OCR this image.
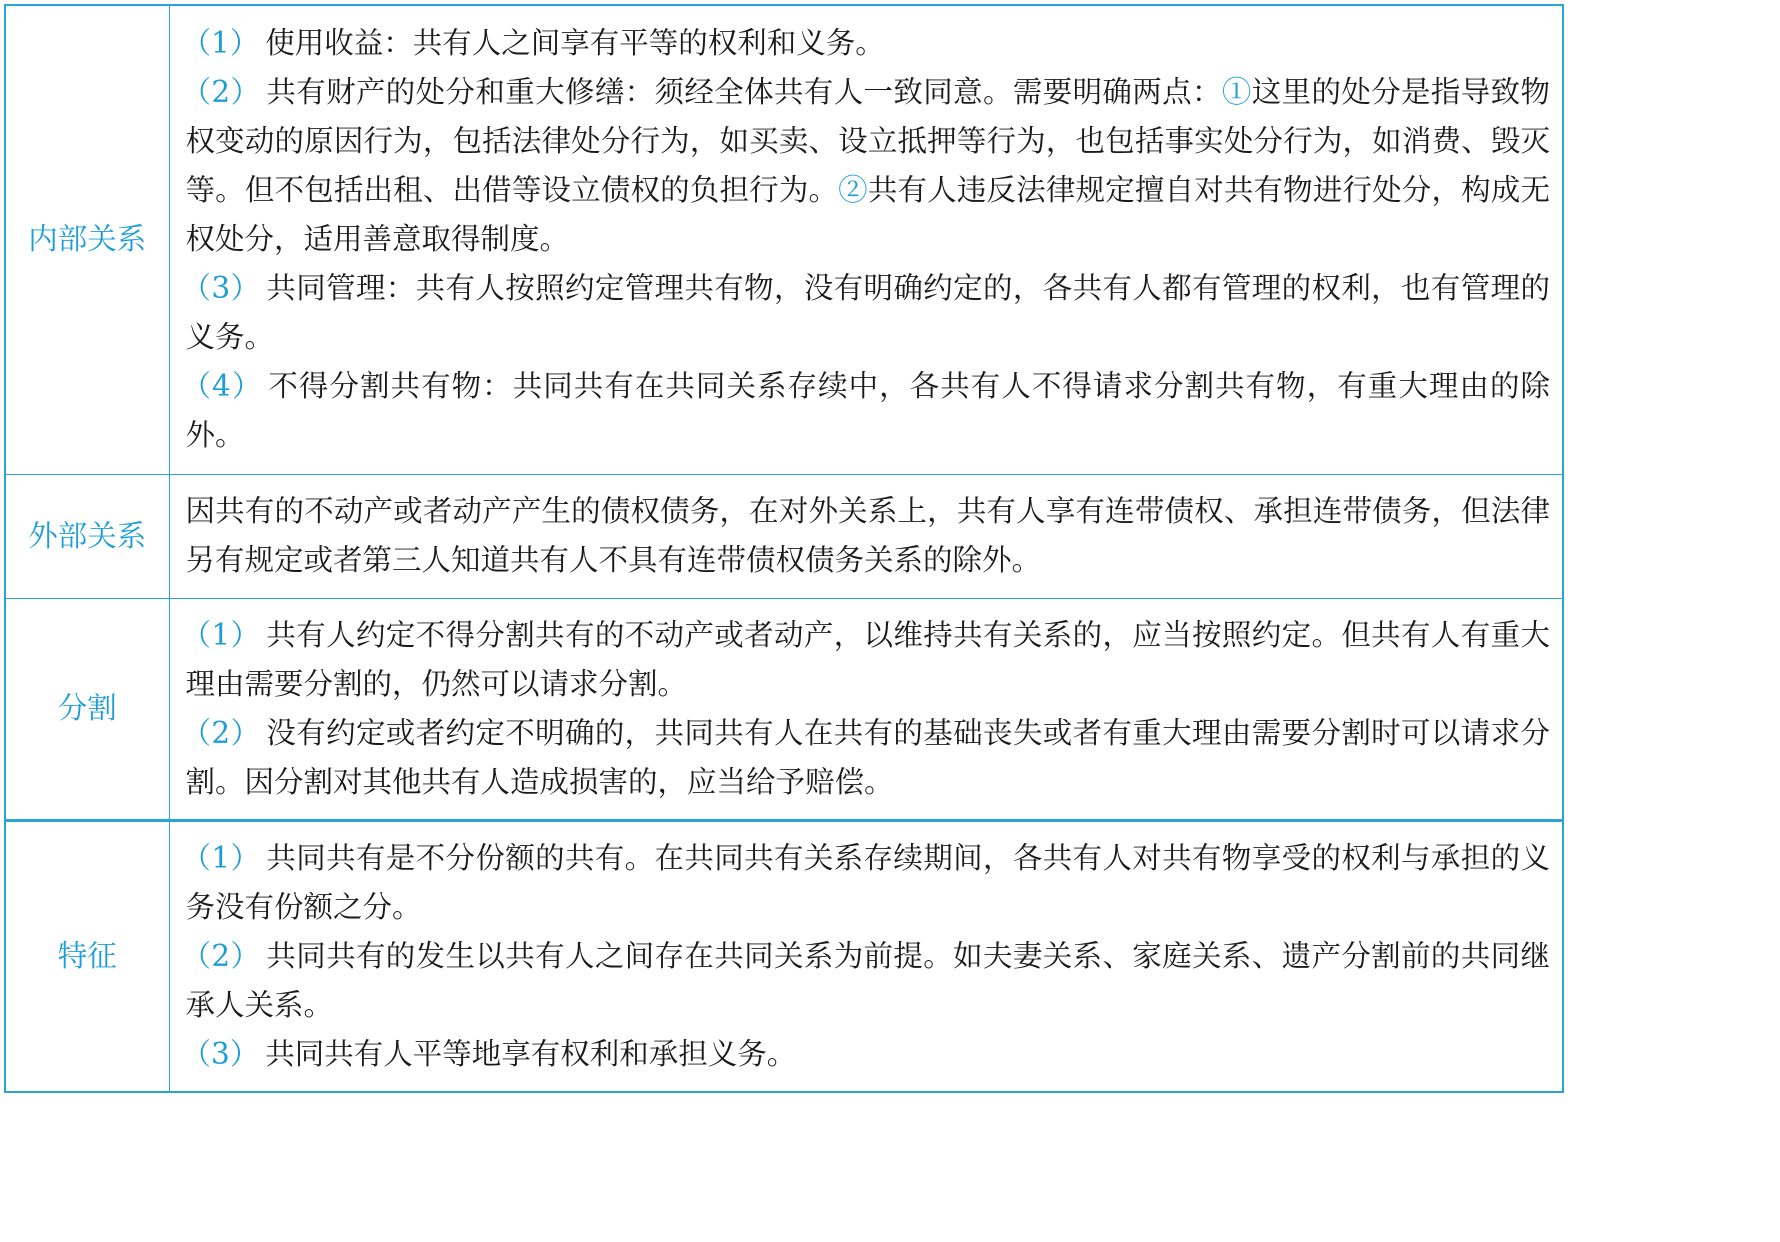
内部关系	（1） 使用收益：共有人之间享有平等的权利和义务。

（2） 共有财产的处分和重大修缮：须经全体共有人一致同意。需要明确两点：①这里的处分是指导致物权变动的原因行为，包括法律处分行为，如买卖、设立抵押等行为，也包括事实处分行为，如消费、毁灭等。但不包括出租、出借等设立债权的负担行为。②共有人违反法律规定擅自对共有物进行处分，构成无权处分，适用善意取得制度。

（3） 共同管理：共有人按照约定管理共有物，没有明确约定的，各共有人都有管理的权利，也有管理的义务。

（4） 不得分割共有物：共同共有在共同关系存续中，各共有人不得请求分割共有物，有重大理由的除外。

外部关系	因共有的不动产或者动产产生的债权债务，在对外关系上，共有人享有连带债权、承担连带债务，但法律另有规定或者第三人知道共有人不具有连带债权债务关系的除外。

分割	（1） 共有人约定不得分割共有的不动产或者动产，以维持共有关系的，应当按照约定。但共有人有重大理由需要分割的，仍然可以请求分割。

（2） 没有约定或者约定不明确的，共同共有人在共有的基础丧失或者有重大理由需要分割时可以请求分割。因分割对其他共有人造成损害的，应当给予赔偿。

特征	（1） 共同共有是不分份额的共有。在共同共有关系存续期间，各共有人对共有物享受的权利与承担的义务没有份额之分。

（2） 共同共有的发生以共有人之间存在共同关系为前提。如夫妻关系、家庭关系、遗产分割前的共同继承人关系。

（3） 共同共有人平等地享有权利和承担义务。
